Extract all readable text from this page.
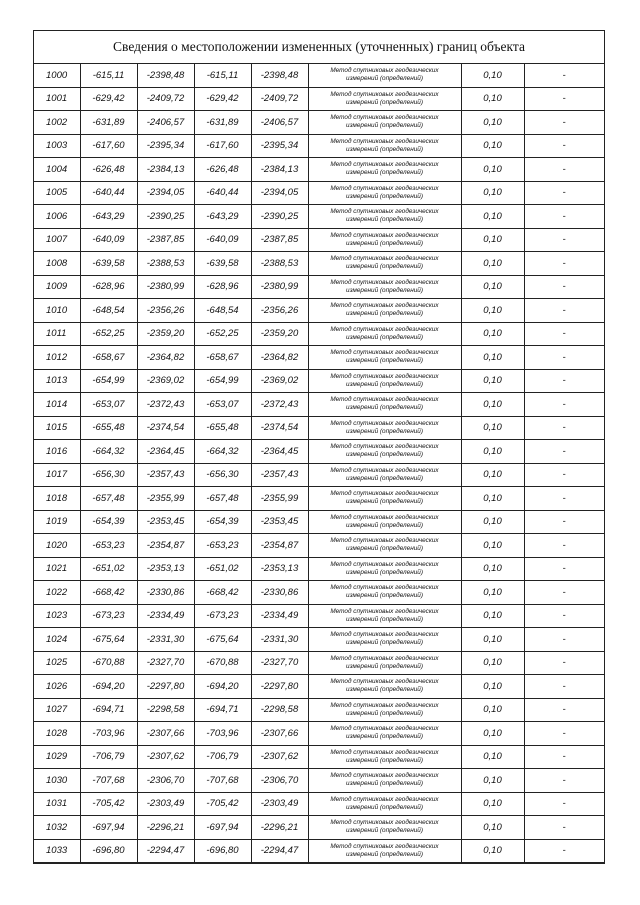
Сведения о местоположении измененных (уточненных) границ объекта
1000	-615,11	-2398,48	-615,11	-2398,48	Метод спутниковых геодезических
измерений (определений)	0,10	-
1001	-629,42	-2409,72	-629,42	-2409,72	Метод спутниковых геодезических
измерений (определений)	0,10	-
1002	-631,89	-2406,57	-631,89	-2406,57	Метод спутниковых геодезических
измерений (определений)	0,10	-
1003	-617,60	-2395,34	-617,60	-2395,34	Метод спутниковых геодезических
измерений (определений)	0,10	-
1004	-626,48	-2384,13	-626,48	-2384,13	Метод спутниковых геодезических
измерений (определений)	0,10	-
1005	-640,44	-2394,05	-640,44	-2394,05	Метод спутниковых геодезических
измерений (определений)	0,10	-
1006	-643,29	-2390,25	-643,29	-2390,25	Метод спутниковых геодезических
измерений (определений)	0,10	-
1007	-640,09	-2387,85	-640,09	-2387,85	Метод спутниковых геодезических
измерений (определений)	0,10	-
1008	-639,58	-2388,53	-639,58	-2388,53	Метод спутниковых геодезических
измерений (определений)	0,10	-
1009	-628,96	-2380,99	-628,96	-2380,99	Метод спутниковых геодезических
измерений (определений)	0,10	-
1010	-648,54	-2356,26	-648,54	-2356,26	Метод спутниковых геодезических
измерений (определений)	0,10	-
1011	-652,25	-2359,20	-652,25	-2359,20	Метод спутниковых геодезических
измерений (определений)	0,10	-
1012	-658,67	-2364,82	-658,67	-2364,82	Метод спутниковых геодезических
измерений (определений)	0,10	-
1013	-654,99	-2369,02	-654,99	-2369,02	Метод спутниковых геодезических
измерений (определений)	0,10	-
1014	-653,07	-2372,43	-653,07	-2372,43	Метод спутниковых геодезических
измерений (определений)	0,10	-
1015	-655,48	-2374,54	-655,48	-2374,54	Метод спутниковых геодезических
измерений (определений)	0,10	-
1016	-664,32	-2364,45	-664,32	-2364,45	Метод спутниковых геодезических
измерений (определений)	0,10	-
1017	-656,30	-2357,43	-656,30	-2357,43	Метод спутниковых геодезических
измерений (определений)	0,10	-
1018	-657,48	-2355,99	-657,48	-2355,99	Метод спутниковых геодезических
измерений (определений)	0,10	-
1019	-654,39	-2353,45	-654,39	-2353,45	Метод спутниковых геодезических
измерений (определений)	0,10	-
1020	-653,23	-2354,87	-653,23	-2354,87	Метод спутниковых геодезических
измерений (определений)	0,10	-
1021	-651,02	-2353,13	-651,02	-2353,13	Метод спутниковых геодезических
измерений (определений)	0,10	-
1022	-668,42	-2330,86	-668,42	-2330,86	Метод спутниковых геодезических
измерений (определений)	0,10	-
1023	-673,23	-2334,49	-673,23	-2334,49	Метод спутниковых геодезических
измерений (определений)	0,10	-
1024	-675,64	-2331,30	-675,64	-2331,30	Метод спутниковых геодезических
измерений (определений)	0,10	-
1025	-670,88	-2327,70	-670,88	-2327,70	Метод спутниковых геодезических
измерений (определений)	0,10	-
1026	-694,20	-2297,80	-694,20	-2297,80	Метод спутниковых геодезических
измерений (определений)	0,10	-
1027	-694,71	-2298,58	-694,71	-2298,58	Метод спутниковых геодезических
измерений (определений)	0,10	-
1028	-703,96	-2307,66	-703,96	-2307,66	Метод спутниковых геодезических
измерений (определений)	0,10	-
1029	-706,79	-2307,62	-706,79	-2307,62	Метод спутниковых геодезических
измерений (определений)	0,10	-
1030	-707,68	-2306,70	-707,68	-2306,70	Метод спутниковых геодезических
измерений (определений)	0,10	-
1031	-705,42	-2303,49	-705,42	-2303,49	Метод спутниковых геодезических
измерений (определений)	0,10	-
1032	-697,94	-2296,21	-697,94	-2296,21	Метод спутниковых геодезических
измерений (определений)	0,10	-
1033	-696,80	-2294,47	-696,80	-2294,47	Метод спутниковых геодезических
измерений (определений)	0,10	-
